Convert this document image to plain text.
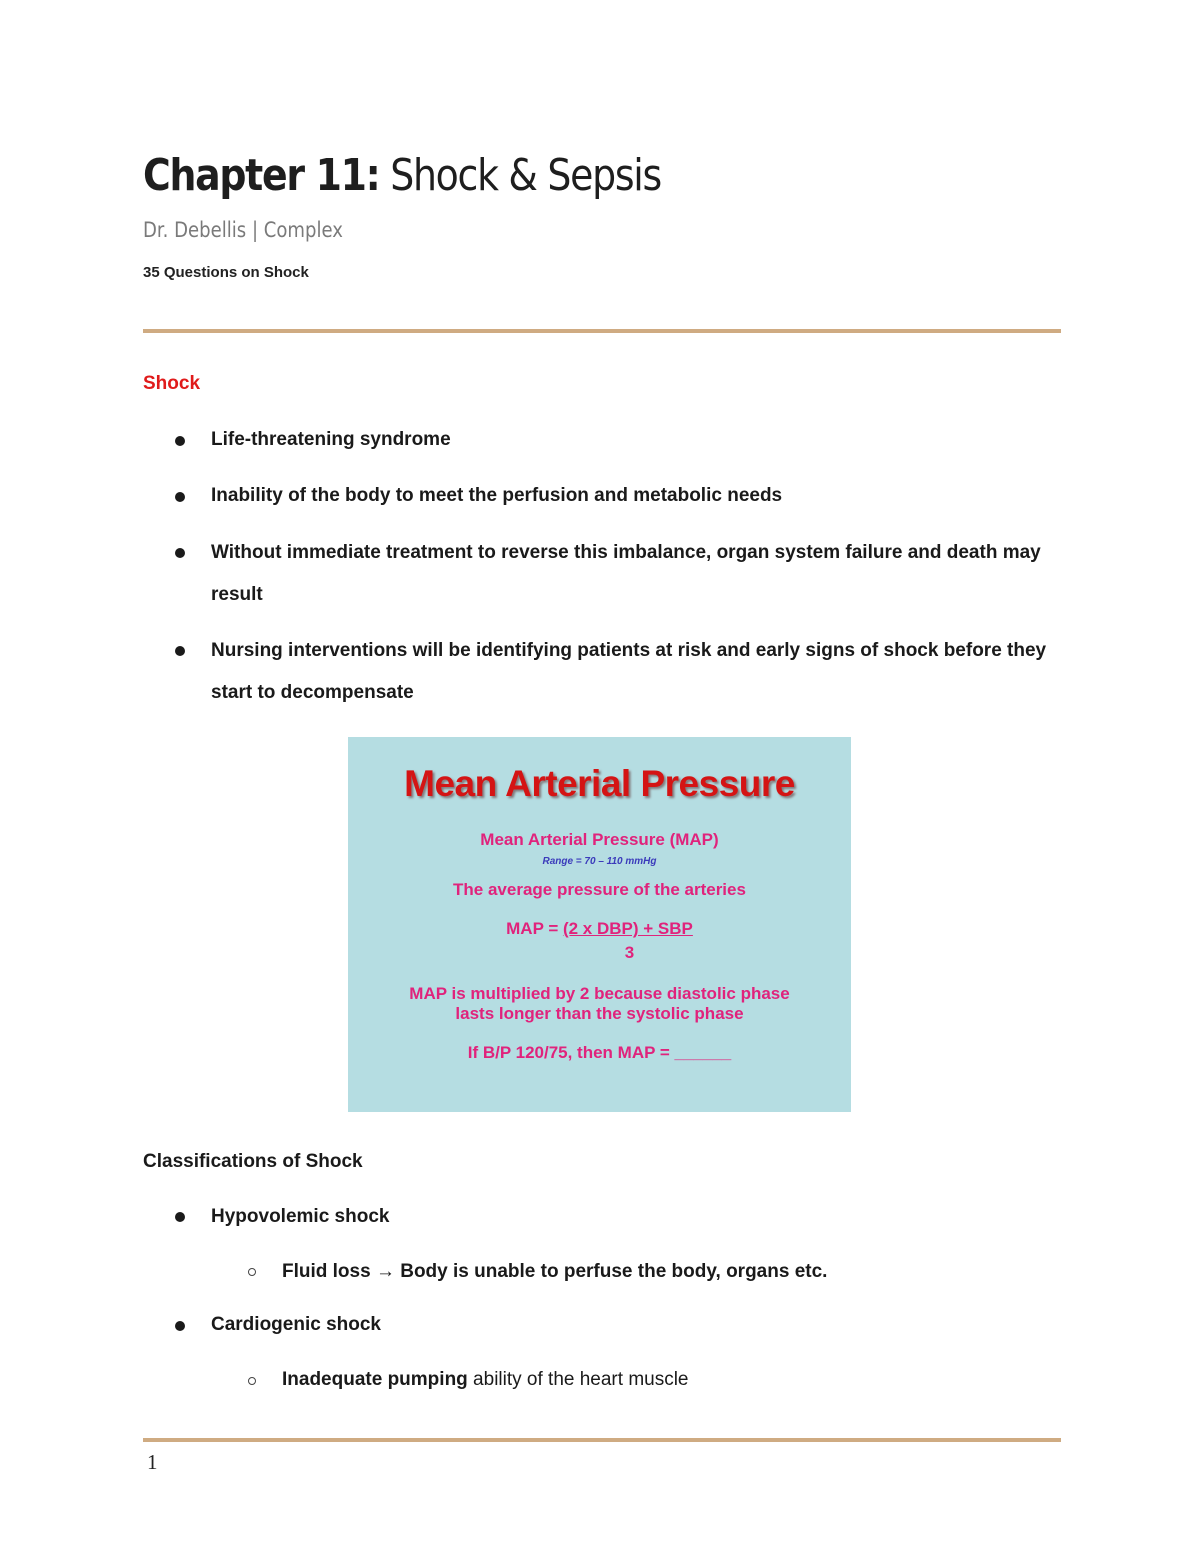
Chapter 11: Shock & Sepsis
Dr. Debellis | Complex
35 Questions on Shock
Shock
Life-threatening syndrome
Inability of the body to meet the perfusion and metabolic needs
Without immediate treatment to reverse this imbalance, organ system failure and death may result
Nursing interventions will be identifying patients at risk and early signs of shock before they start to decompensate
Mean Arterial Pressure
Mean Arterial Pressure (MAP)
Range = 70 – 110 mmHg
The average pressure of the arteries
MAP = (2 x DBP) + SBP
3
MAP is multiplied by 2 because diastolic phase
lasts longer than the systolic phase
If B/P 120/75, then MAP = ______
Classifications of Shock
Hypovolemic shock
Fluid loss → Body is unable to perfuse the body, organs etc.
Cardiogenic shock
Inadequate pumping ability of the heart muscle
1
